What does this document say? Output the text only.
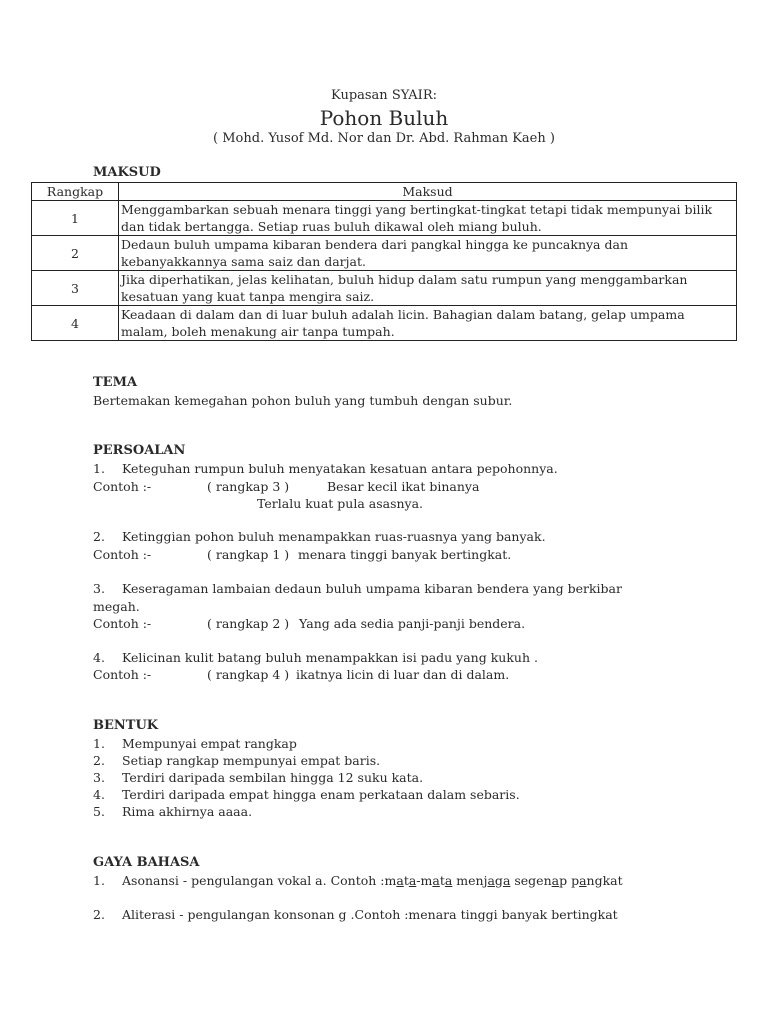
Kupasan SYAIR:
Pohon Buluh
( Mohd. Yusof Md. Nor dan Dr. Abd. Rahman Kaeh )
MAKSUD
Rangkap	Maksud
1	Menggambarkan sebuah menara tinggi yang bertingkat-tingkat tetapi tidak mempunyai bilik dan tidak bertangga. Setiap ruas buluh dikawal oleh miang buluh.
2	Dedaun buluh umpama kibaran bendera dari pangkal hingga ke puncaknya dan kebanyakkannya sama saiz dan darjat.
3	Jika diperhatikan, jelas kelihatan, buluh hidup dalam satu rumpun yang menggambarkan kesatuan yang kuat tanpa mengira saiz.
4	Keadaan di dalam dan di luar buluh adalah licin. Bahagian dalam batang, gelap umpama malam, boleh menakung air tanpa tumpah.
TEMA
Bertemakan kemegahan pohon buluh yang tumbuh dengan subur.
PERSOALAN
1. Keteguhan rumpun buluh menyatakan kesatuan antara pepohonnya.
Contoh :-	( rangkap 3 )	Besar kecil ikat binanya
Terlalu kuat pula asasnya.
2. Ketinggian pohon buluh menampakkan ruas-ruasnya yang banyak.
Contoh :-	( rangkap 1 ) menara tinggi banyak bertingkat.
3. Keseragaman lambaian dedaun buluh umpama kibaran bendera yang berkibar
megah.
Contoh :-	( rangkap 2 ) Yang ada sedia panji-panji bendera.
4. Kelicinan kulit batang buluh menampakkan isi padu yang kukuh .
Contoh :-	( rangkap 4 ) ikatnya licin di luar dan di dalam.
BENTUK
1. Mempunyai empat rangkap
2. Setiap rangkap mempunyai empat baris.
3. Terdiri daripada sembilan hingga 12 suku kata.
4. Terdiri daripada empat hingga enam perkataan dalam sebaris.
5. Rima akhirnya aaaa.
GAYA BAHASA
1. Asonansi - pengulangan vokal a. Contoh :mata-mata menjaga segenap pangkat
2. Aliterasi - pengulangan konsonan g .Contoh :menara tinggi banyak bertingkat
